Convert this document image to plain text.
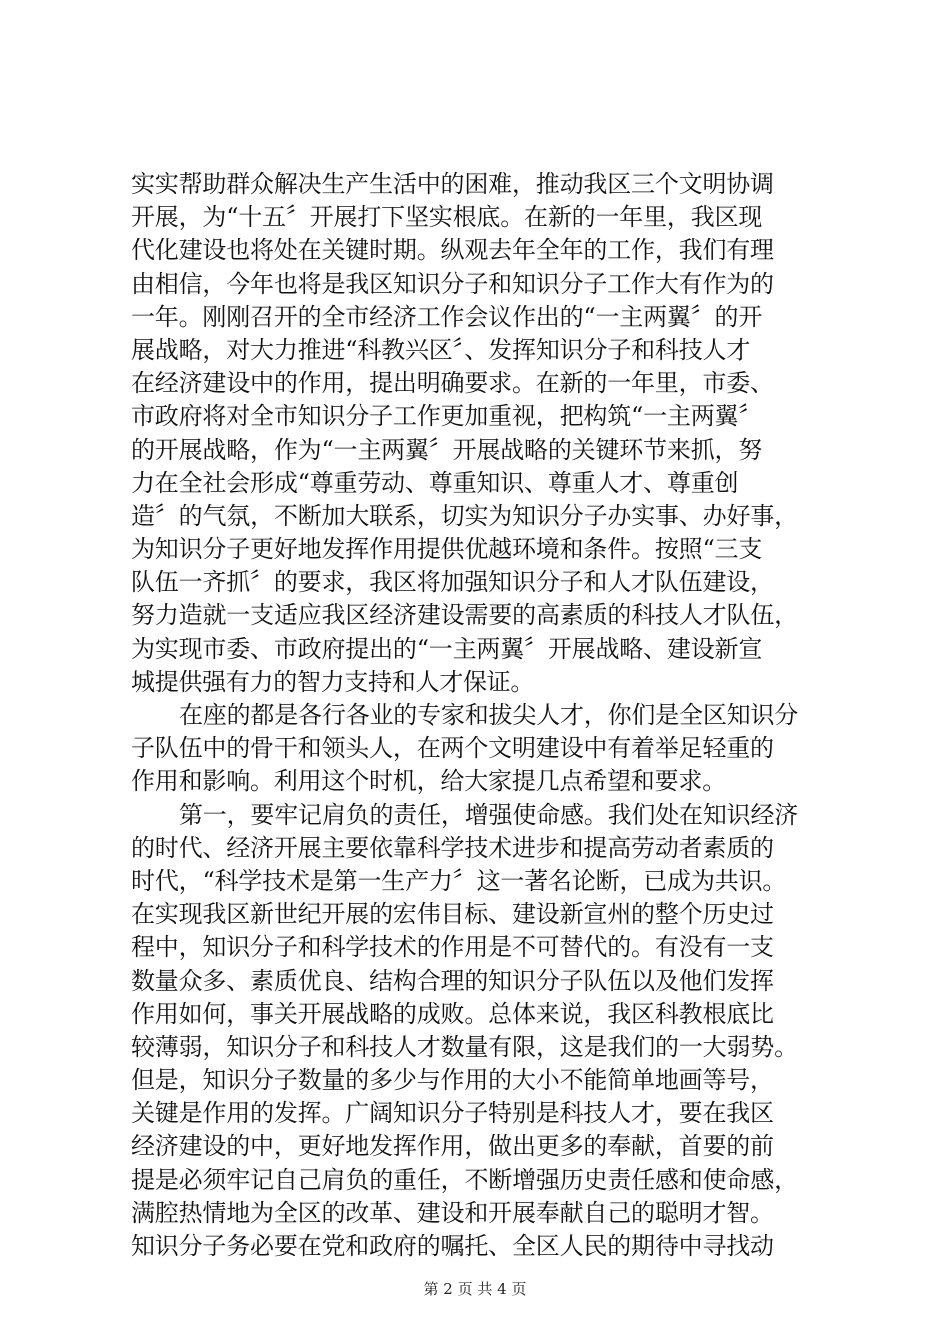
实实帮助群众解决生产生活中的困难，推动我区三个文明协调
开展，为“十五〞开展打下坚实根底。在新的一年里，我区现
代化建设也将处在关键时期。纵观去年全年的工作，我们有理
由相信，今年也将是我区知识分子和知识分子工作大有作为的
一年。刚刚召开的全市经济工作会议作出的“一主两翼〞的开
展战略，对大力推进“科教兴区〞、发挥知识分子和科技人才
在经济建设中的作用，提出明确要求。在新的一年里，市委、
市政府将对全市知识分子工作更加重视，把构筑“一主两翼〞
的开展战略，作为“一主两翼〞开展战略的关键环节来抓，努
力在全社会形成“尊重劳动、尊重知识、尊重人才、尊重创
造〞的气氛，不断加大联系，切实为知识分子办实事、办好事，
为知识分子更好地发挥作用提供优越环境和条件。按照“三支
队伍一齐抓〞的要求，我区将加强知识分子和人才队伍建设，
努力造就一支适应我区经济建设需要的高素质的科技人才队伍，
为实现市委、市政府提出的“一主两翼〞开展战略、建设新宣
城提供强有力的智力支持和人才保证。
在座的都是各行各业的专家和拔尖人才，你们是全区知识分
子队伍中的骨干和领头人，在两个文明建设中有着举足轻重的
作用和影响。利用这个时机，给大家提几点希望和要求。
第一，要牢记肩负的责任，增强使命感。我们处在知识经济
的时代、经济开展主要依靠科学技术进步和提高劳动者素质的
时代，“科学技术是第一生产力〞这一著名论断，已成为共识。
在实现我区新世纪开展的宏伟目标、建设新宣州的整个历史过
程中，知识分子和科学技术的作用是不可替代的。有没有一支
数量众多、素质优良、结构合理的知识分子队伍以及他们发挥
作用如何，事关开展战略的成败。总体来说，我区科教根底比
较薄弱，知识分子和科技人才数量有限，这是我们的一大弱势。
但是，知识分子数量的多少与作用的大小不能简单地画等号，
关键是作用的发挥。广阔知识分子特别是科技人才，要在我区
经济建设的中，更好地发挥作用，做出更多的奉献，首要的前
提是必须牢记自己肩负的重任，不断增强历史责任感和使命感，
满腔热情地为全区的改革、建设和开展奉献自己的聪明才智。
知识分子务必要在党和政府的嘱托、全区人民的期待中寻找动
第 2 页 共 4 页
